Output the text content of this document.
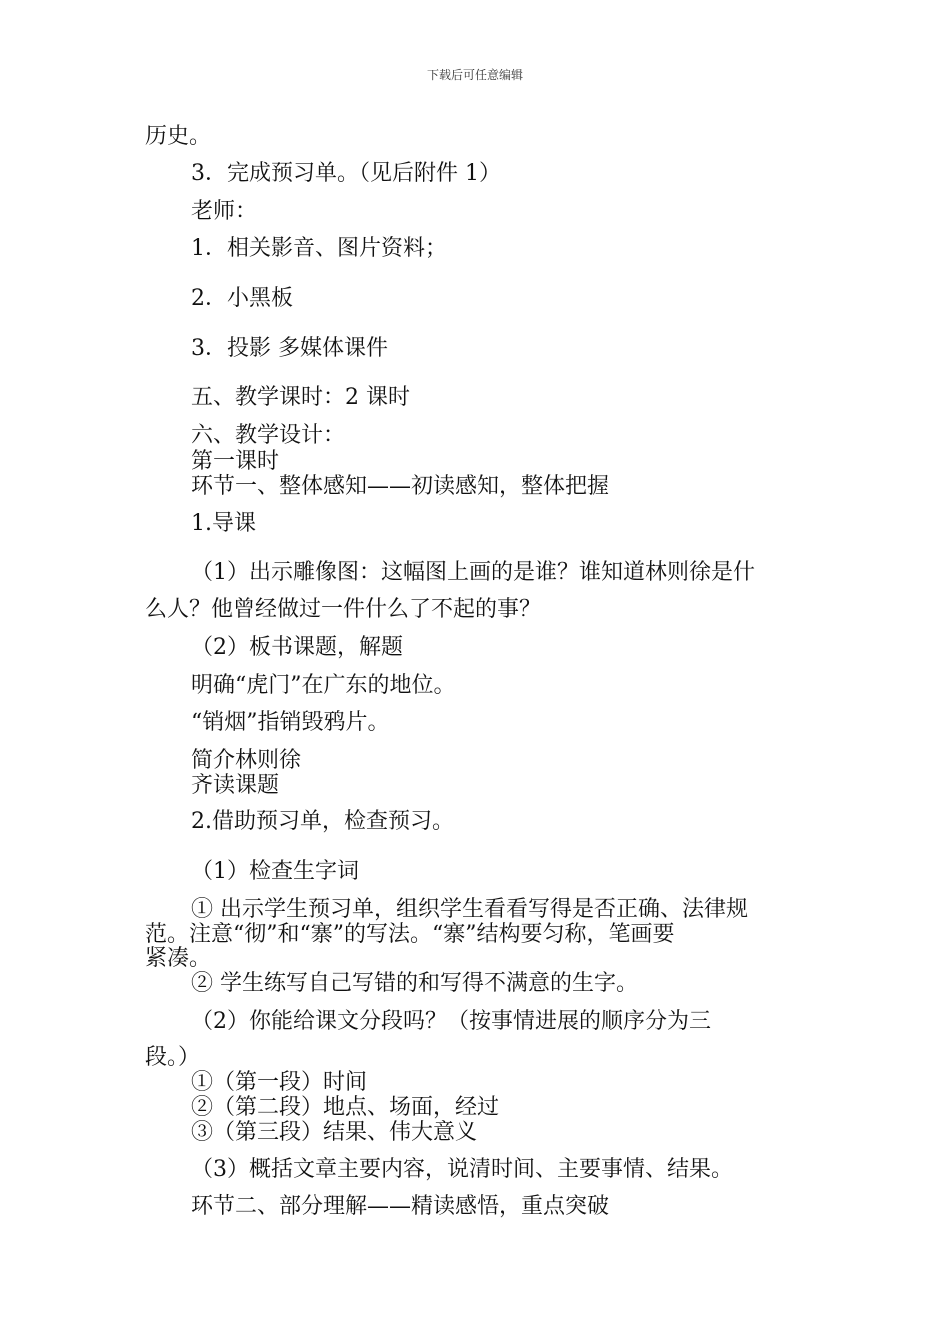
下载后可任意编辑
历史。
3．完成预习单。（见后附件 1）
老师：
1．相关影音、图片资料；
2．小黑板
3．投影 多媒体课件
五、教学课时：2 课时
六、教学设计：
第一课时
环节一、整体感知——初读感知，整体把握
1.导课
（1）出示雕像图：这幅图上画的是谁？谁知道林则徐是什
么人？他曾经做过一件什么了不起的事？
（2）板书课题，解题
明确“虎门”在广东的地位。
“销烟”指销毁鸦片。
简介林则徐
齐读课题
2.借助预习单，检查预习。
（1）检查生字词
① 出示学生预习单，组织学生看看写得是否正确、法律规
范。注意“彻”和“寨”的写法。“寨”结构要匀称，笔画要
紧凑。
② 学生练写自己写错的和写得不满意的生字。
（2）你能给课文分段吗？（按事情进展的顺序分为三
段。）
①（第一段）时间
②（第二段）地点、场面，经过
③（第三段）结果、伟大意义
（3）概括文章主要内容，说清时间、主要事情、结果。
环节二、部分理解——精读感悟，重点突破
